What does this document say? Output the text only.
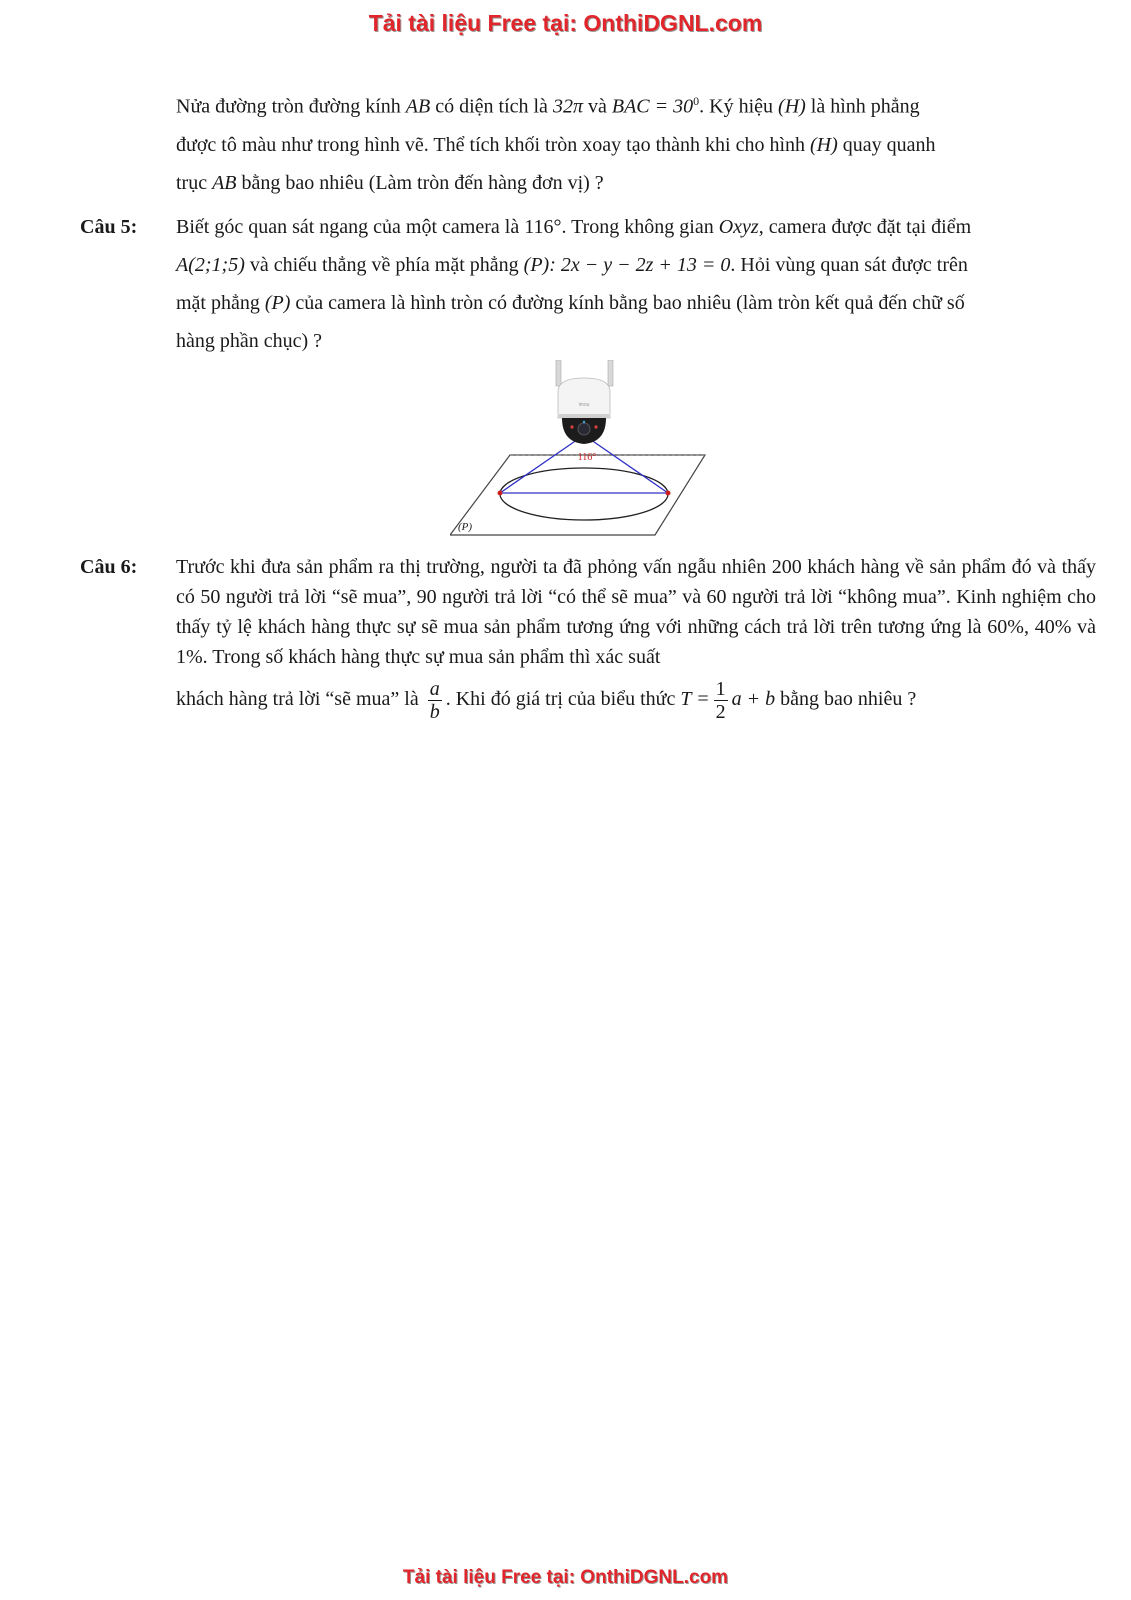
Tải tài liệu Free tại: OnthiDGNL.com
Nửa đường tròn đường kính AB có diện tích là 32π và BAC = $30^0$. Ký hiệu (H) là hình phẳng
được tô màu như trong hình vẽ. Thể tích khối tròn xoay tạo thành khi cho hình (H) quay quanh
trục AB bằng bao nhiêu (Làm tròn đến hàng đơn vị) ?
Câu 5: Biết góc quan sát ngang của một camera là 116°. Trong không gian Oxyz, camera được đặt tại điểm
A(2;1;5) và chiếu thẳng về phía mặt phẳng (P): 2x − y − 2z + 13 = 0. Hỏi vùng quan sát được trên
mặt phẳng (P) của camera là hình tròn có đường kính bằng bao nhiêu (làm tròn kết quả đến chữ số
hàng phần chục) ?
imou
116°
(P)
Câu 6: Trước khi đưa sản phẩm ra thị trường, người ta đã phỏng vấn ngẫu nhiên 200 khách hàng về sản phẩm đó và thấy có 50 người trả lời “sẽ mua”, 90 người trả lời “có thể sẽ mua” và 60 người trả lời “không mua”. Kinh nghiệm cho thấy tỷ lệ khách hàng thực sự sẽ mua sản phẩm tương ứng với những cách trả lời trên tương ứng là 60%, 40% và 1%. Trong số khách hàng thực sự mua sản phẩm thì xác suất
khách hàng trả lời “sẽ mua” là $\frac{a}{b}$ . Khi đó giá trị của biểu thức $T = \frac{1}{2}$ a + b bằng bao nhiêu ?
Tải tài liệu Free tại: OnthiDGNL.com
